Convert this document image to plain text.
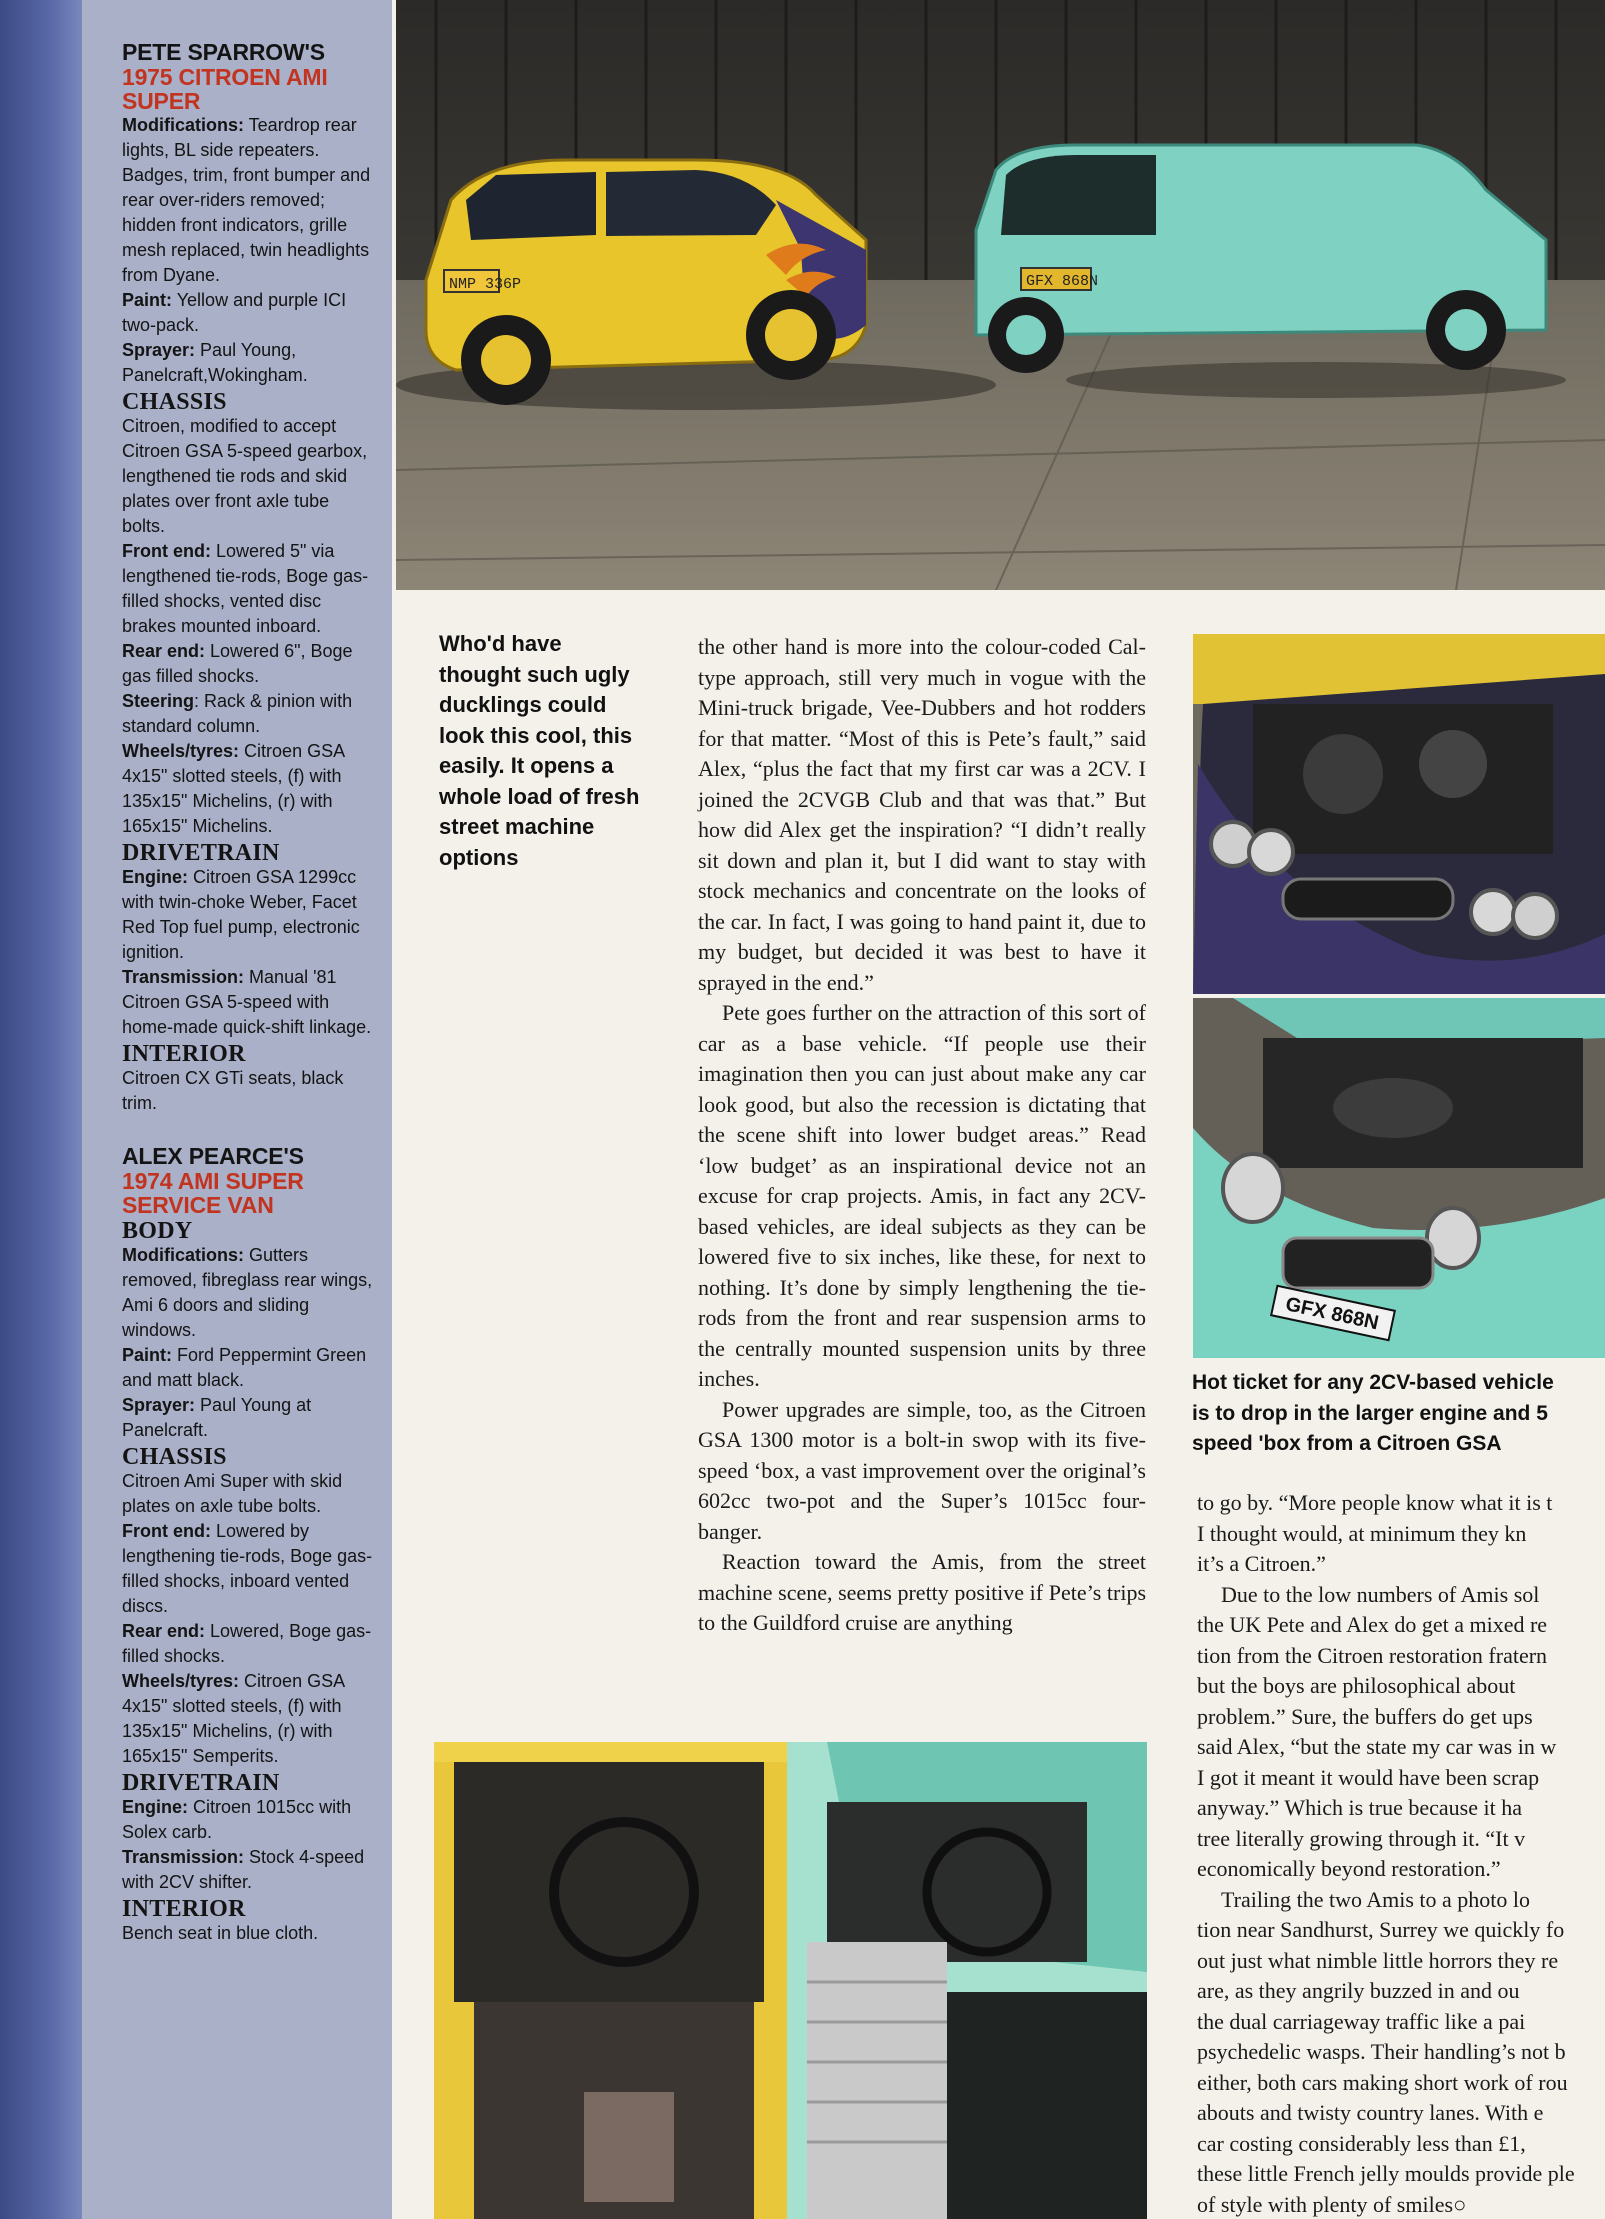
PETE SPARROW'S
1975 CITROEN AMI
SUPER

Modifications: Teardrop rear lights, BL side repeaters. Badges, trim, front bumper and rear over-riders removed; hidden front indicators, grille mesh replaced, twin headlights from Dyane.

Paint: Yellow and purple ICI two-pack.

Sprayer: Paul Young, Panelcraft,Wokingham.

CHASSIS

Citroen, modified to accept Citroen GSA 5-speed gearbox, lengthened tie rods and skid plates over front axle tube bolts.

Front end: Lowered 5" via lengthened tie-rods, Boge gas-filled shocks, vented disc brakes mounted inboard.

Rear end: Lowered 6", Boge gas filled shocks.

Steering: Rack & pinion with standard column.

Wheels/tyres: Citroen GSA 4x15" slotted steels, (f) with 135x15" Michelins, (r) with 165x15" Michelins.

DRIVETRAIN

Engine: Citroen GSA 1299cc with twin-choke Weber, Facet Red Top fuel pump, electronic ignition.

Transmission: Manual '81 Citroen GSA 5-speed with home-made quick-shift linkage.

INTERIOR

Citroen CX GTi seats, black trim.

ALEX PEARCE'S
1974 AMI SUPER
SERVICE VAN
BODY

Modifications: Gutters removed, fibreglass rear wings, Ami 6 doors and sliding windows.

Paint: Ford Peppermint Green and matt black.

Sprayer: Paul Young at Panelcraft.

CHASSIS

Citroen Ami Super with skid plates on axle tube bolts.

Front end: Lowered by lengthening tie-rods, Boge gas-filled shocks, inboard vented discs.

Rear end: Lowered, Boge gas-filled shocks.

Wheels/tyres: Citroen GSA 4x15" slotted steels, (f) with 135x15" Michelins, (r) with 165x15" Semperits.

DRIVETRAIN

Engine: Citroen 1015cc with Solex carb.

Transmission: Stock 4-speed with 2CV shifter.

INTERIOR

Bench seat in blue cloth.

NMP 336P	GFX 868N
Who'd have thought such ugly ducklings could look this cool, this easily. It opens a whole load of fresh street machine options

the other hand is more into the colour-coded Cal-type approach, still very much in vogue with the Mini-truck brigade, Vee-Dubbers and hot rodders for that matter. “Most of this is Pete’s fault,” said Alex, “plus the fact that my first car was a 2CV. I joined the 2CVGB Club and that was that.” But how did Alex get the inspiration? “I didn’t really sit down and plan it, but I did want to stay with stock mechanics and concentrate on the looks of the car. In fact, I was going to hand paint it, due to my budget, but decided it was best to have it sprayed in the end.”

Pete goes further on the attraction of this sort of car as a base vehicle. “If people use their imagination then you can just about make any car look good, but also the recession is dictating that the scene shift into lower budget areas.” Read ‘low budget’ as an inspirational device not an excuse for crap projects. Amis, in fact any 2CV-based vehicles, are ideal subjects as they can be lowered five to six inches, like these, for next to nothing. It’s done by simply lengthening the tie-rods from the front and rear suspension arms to the centrally mounted suspension units by three inches.

Power upgrades are simple, too, as the Citroen GSA 1300 motor is a bolt-in swop with its five-speed ‘box, a vast improvement over the original’s 602cc two-pot and the Super’s 1015cc four-banger.

Reaction toward the Amis, from the street machine scene, seems pretty positive if Pete’s trips to the Guildford cruise are anything

GFX 868N
Hot ticket for any 2CV-based vehicle
is to drop in the larger engine and 5
speed 'box from a Citroen GSA
to go by. “More people know what it is t
I thought would, at minimum they kn
it’s a Citroen.”
Due to the low numbers of Amis sol
the UK Pete and Alex do get a mixed re
tion from the Citroen restoration fratern
but the boys are philosophical about
problem.” Sure, the buffers do get ups
said Alex, “but the state my car was in w
I got it meant it would have been scrap
anyway.” Which is true because it ha
tree literally growing through it. “It v
economically beyond restoration.”
Trailing the two Amis to a photo lo
tion near Sandhurst, Surrey we quickly fo
out just what nimble little horrors they re
are, as they angrily buzzed in and ou
the dual carriageway traffic like a pai
psychedelic wasps. Their handling’s not b
either, both cars making short work of rou
abouts and twisty country lanes. With e
car costing considerably less than £1,
these little French jelly moulds provide ple
of style with plenty of smiles○
